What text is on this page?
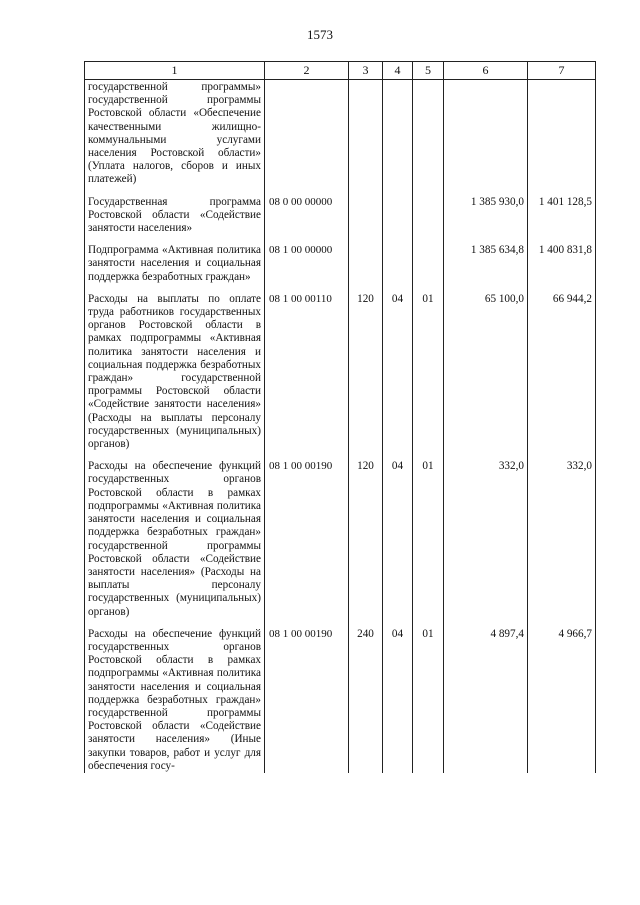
1573
1	2	3	4	5	6	7
государственной программы» государственной программы Ростовской области «Обеспечение качественными жилищно-коммунальными услугами населения Ростовской области» (Уплата налогов, сборов и иных платежей)						

Государственная программа Ростовской области «Содействие занятости населения»	08 0 00 00000				1 385 930,0	1 401 128,5

Подпрограмма «Активная политика занятости населения и социальная поддержка безработных граждан»	08 1 00 00000				1 385 634,8	1 400 831,8

Расходы на выплаты по оплате труда работников государственных органов Ростовской области в рамках подпрограммы «Активная политика занятости населения и социальная поддержка безработных граждан» государственной программы Ростовской области «Содействие занятости населения» (Расходы на выплаты персоналу государственных (муниципальных) органов)	08 1 00 00110	120	04	01	65 100,0	66 944,2

Расходы на обеспечение функций государственных органов Ростовской области в рамках подпрограммы «Активная политика занятости населения и социальная поддержка безработных граждан» государственной программы Ростовской области «Содействие занятости населения» (Расходы на выплаты персоналу государственных (муниципальных) органов)	08 1 00 00190	120	04	01	332,0	332,0

Расходы на обеспечение функций государственных органов Ростовской области в рамках подпрограммы «Активная политика занятости населения и социальная поддержка безработных граждан» государственной программы Ростовской области «Содействие занятости населения» (Иные закупки товаров, работ и услуг для обеспечения госу-	08 1 00 00190	240	04	01	4 897,4	4 966,7
